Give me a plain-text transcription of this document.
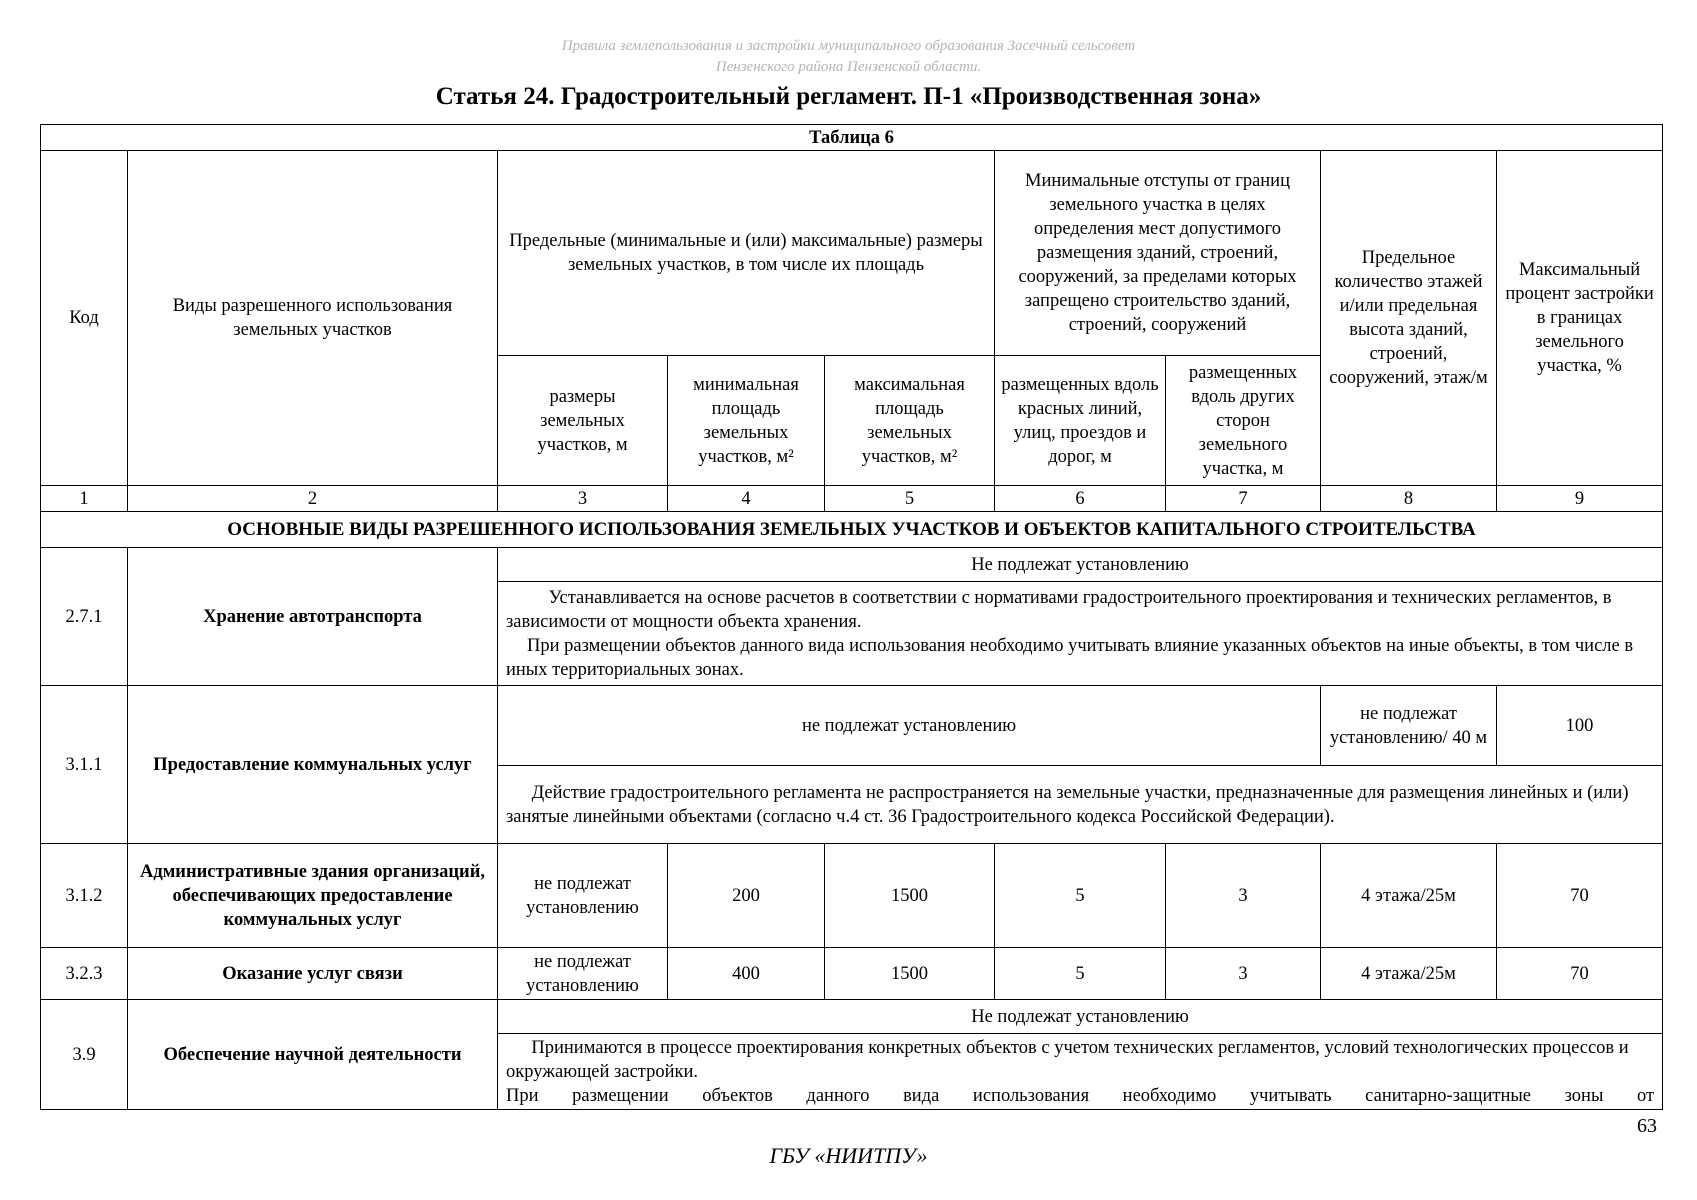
Правила землепользования и застройки муниципального образования Засечный сельсовет
Пензенского района Пензенской области.
Статья 24. Градостроительный регламент. П-1 «Производственная зона»
Таблица 6								
Код	Виды разрешенного использования земельных участков	Предельные (минимальные и (или) максимальные) размеры земельных участков, в том числе их площадь			Минимальные отступы от границ земельного участка в целях определения мест допустимого размещения зданий, строений, сооружений, за пределами которых запрещено строительство зданий, строений, сооружений		Предельное количество этажей и/или предельная высота зданий, строений, сооружений, этаж/м	Максимальный процент застройки в границах земельного участка, %
		размеры земельных участков, м	минимальная площадь земельных участков, м²	максимальная площадь земельных участков, м²	размещенных вдоль красных линий, улиц, проездов и дорог, м	размещенных вдоль других сторон земельного участка, м		
1	2	3	4	5	6	7	8	9
ОСНОВНЫЕ ВИДЫ РАЗРЕШЕННОГО ИСПОЛЬЗОВАНИЯ ЗЕМЕЛЬНЫХ УЧАСТКОВ И ОБЪЕКТОВ КАПИТАЛЬНОГО СТРОИТЕЛЬСТВА								
2.7.1	Хранение автотранспорта	Не подлежат установлению						

		Устанавливается на основе расчетов в соответствии с нормативами градостроительного проектирования и технических регламентов, в зависимости от мощности объекта хранения.
При размещении объектов данного вида использования необходимо учитывать влияние указанных объектов на иные объекты, в том числе в иных территориальных зонах.						

3.1.1	Предоставление коммунальных услуг	не подлежат установлению					не подлежат установлению/ 40 м	100
		Действие градостроительного регламента не распространяется на земельные участки, предназначенные для размещения линейных и (или) занятые линейными объектами (согласно ч.4 ст. 36 Градостроительного кодекса Российской Федерации).						
3.1.2	Административные здания организаций, обеспечивающих предоставление коммунальных услуг	не подлежат установлению	200	1500	5	3	4 этажа/25м	70
3.2.3	Оказание услуг связи	не подлежат установлению	400	1500	5	3	4 этажа/25м	70
3.9	Обеспечение научной деятельности	Не подлежат установлению						

		Принимаются в процессе проектирования конкретных объектов с учетом технических регламентов, условий технологических процессов и окружающей застройки.
При размещении объектов данного вида использования необходимо учитывать санитарно-защитные зоны от						
63
ГБУ «НИИТПУ»
